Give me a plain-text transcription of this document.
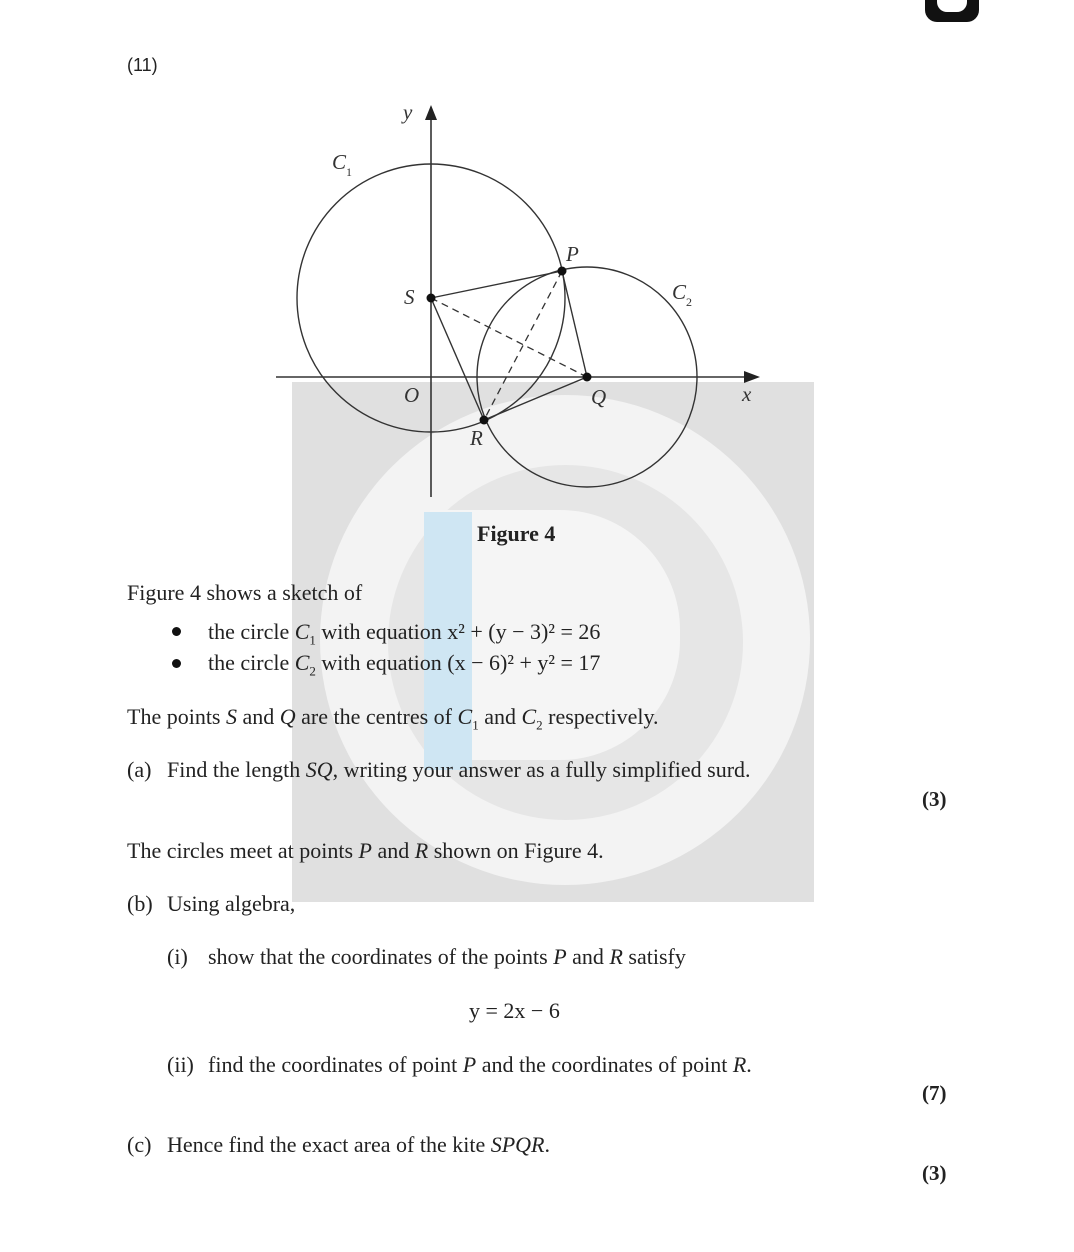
(11)
y
x
O
C 1
C 2
P
S
Q
R
Figure 4
Figure 4 shows a sketch of
the circle $C_1$ with equation x² + (y − 3)² = 26
the circle $C_2$ with equation (x − 6)² + y² = 17
The points S and Q are the centres of $C_1$ and $C_2$ respectively.
(a) Find the length SQ, writing your answer as a fully simplified surd.
(3)
The circles meet at points P and R shown on Figure 4.
(b) Using algebra,
(i) show that the coordinates of the points P and R satisfy
y = 2x − 6
(ii) find the coordinates of point P and the coordinates of point R.
(7)
(c) Hence find the exact area of the kite SPQR.
(3)
